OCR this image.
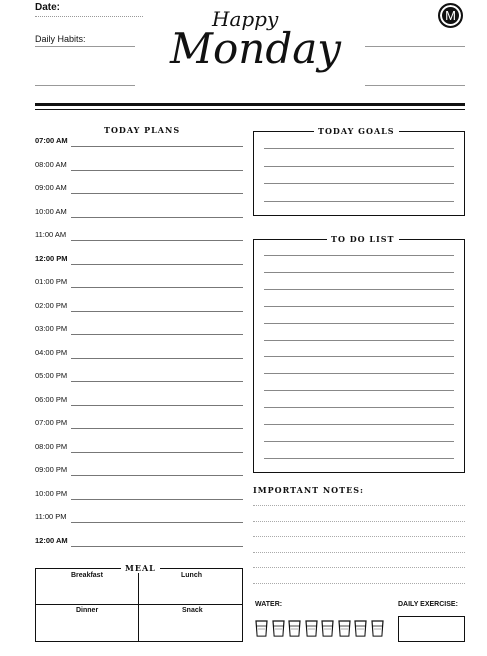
Date:
Daily Habits:
Happy
Monday
M
TODAY PLANS
07:00 AM
08:00 AM
09:00 AM
10:00 AM
11:00 AM
12:00 PM
01:00 PM
02:00 PM
03:00 PM
04:00 PM
05:00 PM
06:00 PM
07:00 PM
08:00 PM
09:00 PM
10:00 PM
11:00 PM
12:00 AM
TODAY GOALS
TO DO LIST
IMPORTANT NOTES:
MEAL
Breakfast	Lunch
Dinner	Snack
WATER:	DAILY EXERCISE:
